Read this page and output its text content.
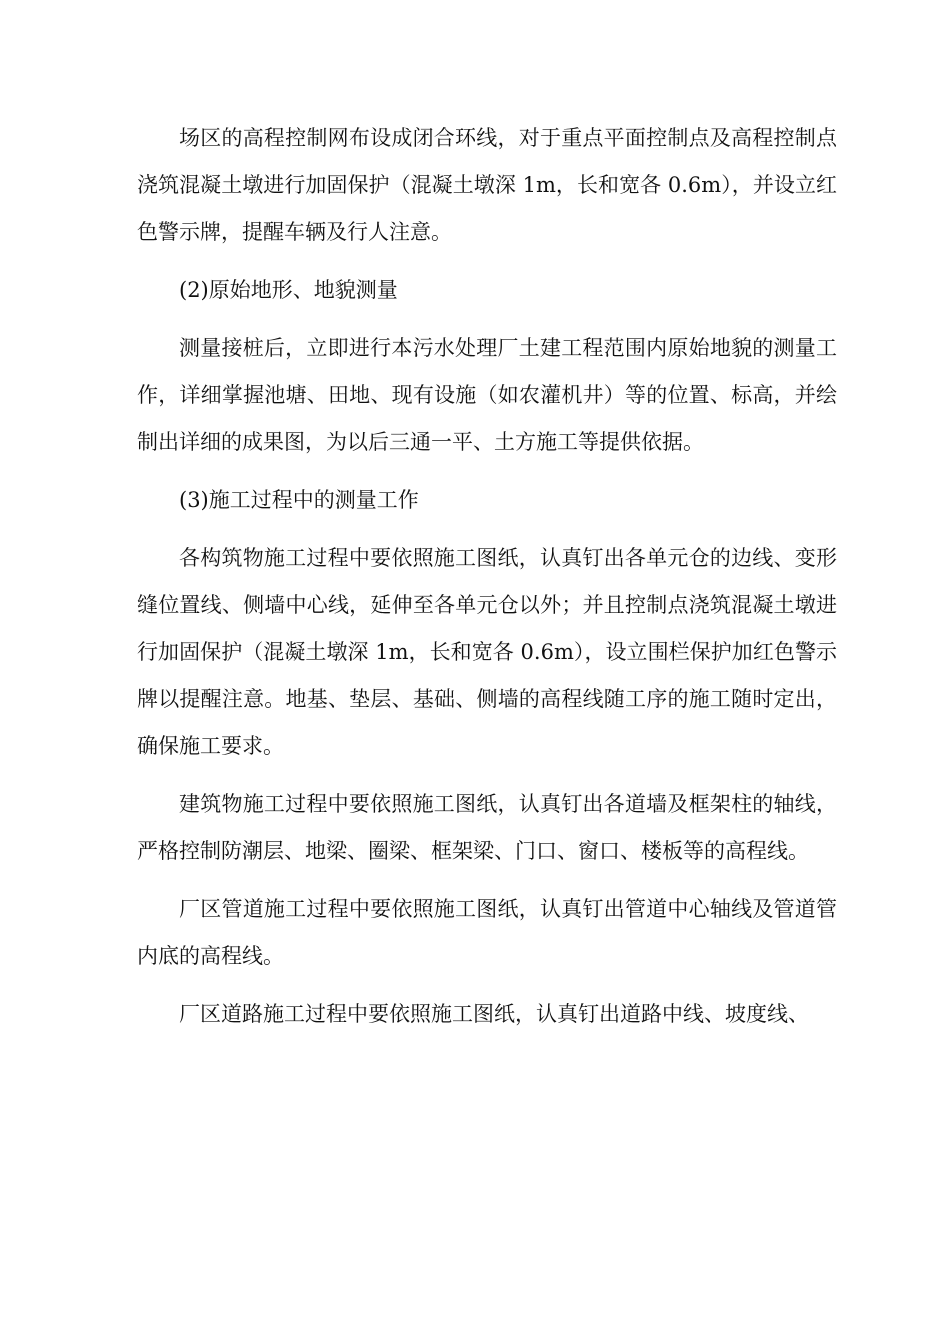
场区的高程控制网布设成闭合环线，对于重点平面控制点及高程控制点浇筑混凝土墩进行加固保护（混凝土墩深 1m，长和宽各 0.6m），并设立红色警示牌，提醒车辆及行人注意。

(2)原始地形、地貌测量

测量接桩后，立即进行本污水处理厂土建工程范围内原始地貌的测量工作，详细掌握池塘、田地、现有设施（如农灌机井）等的位置、标高，并绘制出详细的成果图，为以后三通一平、土方施工等提供依据。

(3)施工过程中的测量工作

各构筑物施工过程中要依照施工图纸，认真钉出各单元仓的边线、变形缝位置线、侧墙中心线，延伸至各单元仓以外；并且控制点浇筑混凝土墩进行加固保护（混凝土墩深 1m，长和宽各 0.6m），设立围栏保护加红色警示牌以提醒注意。地基、垫层、基础、侧墙的高程线随工序的施工随时定出，确保施工要求。

建筑物施工过程中要依照施工图纸，认真钉出各道墙及框架柱的轴线，严格控制防潮层、地梁、圈梁、框架梁、门口、窗口、楼板等的高程线。

厂区管道施工过程中要依照施工图纸，认真钉出管道中心轴线及管道管内底的高程线。

厂区道路施工过程中要依照施工图纸，认真钉出道路中线、坡度线、
